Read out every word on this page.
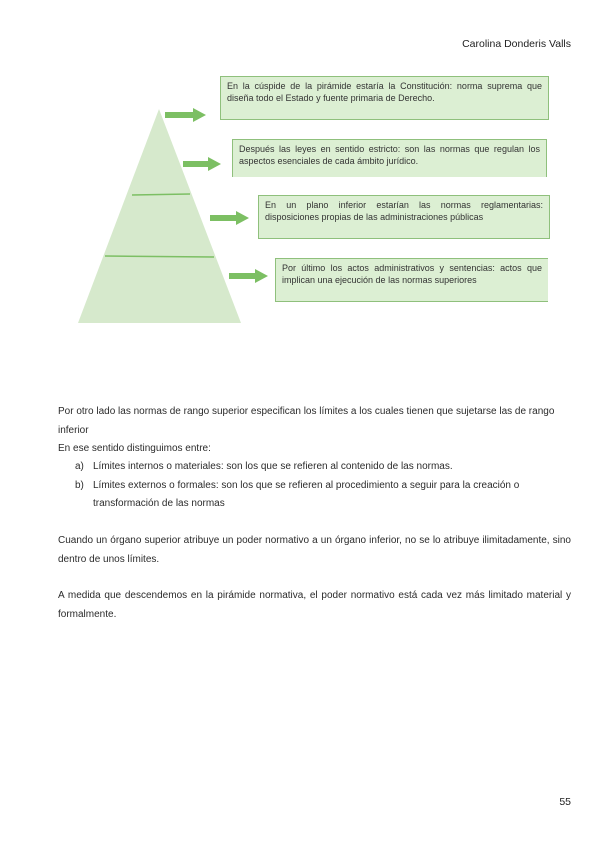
Carolina Donderis Valls
En la cúspide de la pirámide estaría la Constitución: norma suprema que diseña todo el Estado y fuente primaria de Derecho.
Después las leyes en sentido estricto: son las normas que regulan los aspectos esenciales de cada ámbito jurídico.
En un plano inferior estarían las normas reglamentarias: disposiciones propias de las administraciones públicas
Por último los actos administrativos y sentencias: actos que implican una ejecución de las normas superiores

Por otro lado las normas de rango superior especifican los límites a los cuales tienen que sujetarse las de rango inferior

En ese sentido distinguimos entre:

a) Límites internos o materiales: son los que se refieren al contenido de las normas.
b) Límites externos o formales: son los que se refieren al procedimiento a seguir para la creación o transformación de las normas

Cuando un órgano superior atribuye un poder normativo a un órgano inferior, no se lo atribuye ilimitadamente, sino dentro de unos límites.

A medida que descendemos en la pirámide normativa, el poder normativo está cada vez más limitado material y formalmente.

55
